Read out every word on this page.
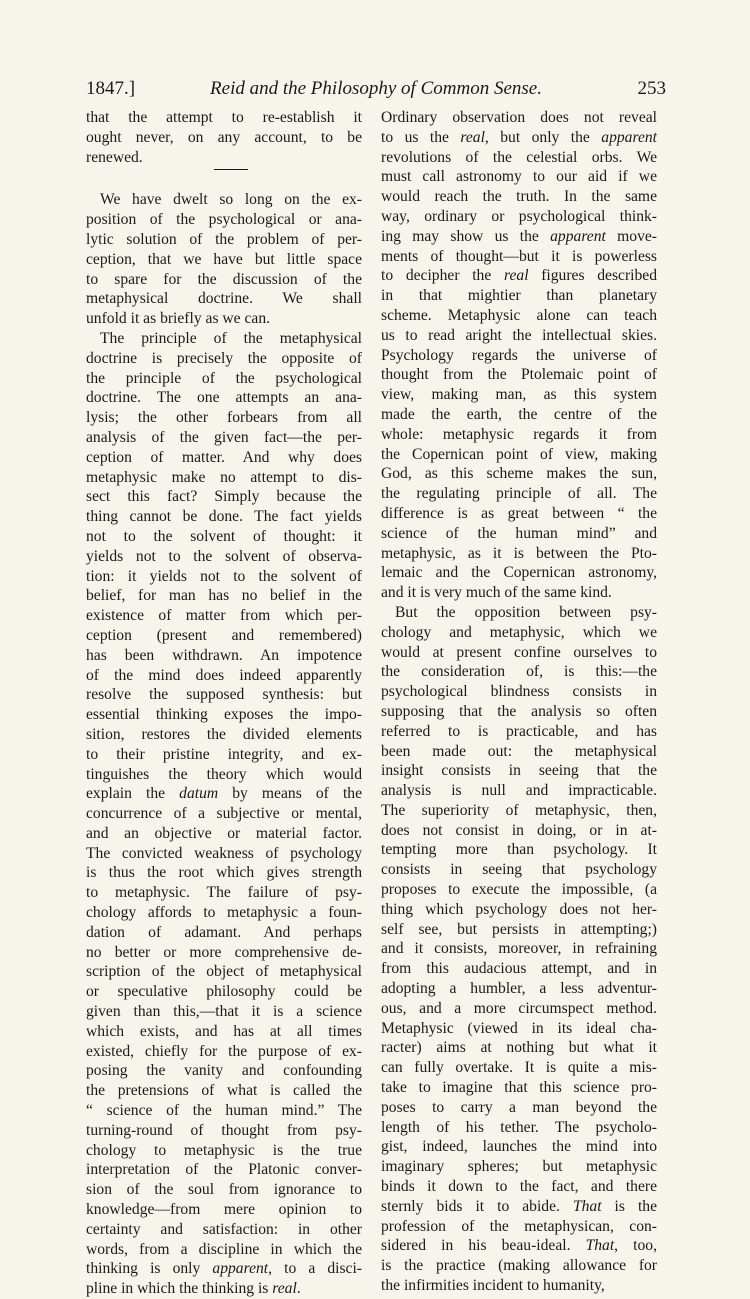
1847.]	Reid and the Philosophy of Common Sense.	253
that the attempt to re-establish it
ought never, on any account, to be
renewed.
We have dwelt so long on the ex-
position of the psychological or ana-
lytic solution of the problem of per-
ception, that we have but little space
to spare for the discussion of the
metaphysical doctrine. We shall
unfold it as briefly as we can.
The principle of the metaphysical
doctrine is precisely the opposite of
the principle of the psychological
doctrine. The one attempts an ana-
lysis; the other forbears from all
analysis of the given fact—the per-
ception of matter. And why does
metaphysic make no attempt to dis-
sect this fact? Simply because the
thing cannot be done. The fact yields
not to the solvent of thought: it
yields not to the solvent of observa-
tion: it yields not to the solvent of
belief, for man has no belief in the
existence of matter from which per-
ception (present and remembered)
has been withdrawn. An impotence
of the mind does indeed apparently
resolve the supposed synthesis: but
essential thinking exposes the impo-
sition, restores the divided elements
to their pristine integrity, and ex-
tinguishes the theory which would
explain the datum by means of the
concurrence of a subjective or mental,
and an objective or material factor.
The convicted weakness of psychology
is thus the root which gives strength
to metaphysic. The failure of psy-
chology affords to metaphysic a foun-
dation of adamant. And perhaps
no better or more comprehensive de-
scription of the object of metaphysical
or speculative philosophy could be
given than this,—that it is a science
which exists, and has at all times
existed, chiefly for the purpose of ex-
posing the vanity and confounding
the pretensions of what is called the
“ science of the human mind.” The
turning-round of thought from psy-
chology to metaphysic is the true
interpretation of the Platonic conver-
sion of the soul from ignorance to
knowledge—from mere opinion to
certainty and satisfaction: in other
words, from a discipline in which the
thinking is only apparent, to a disci-
pline in which the thinking is real.
Ordinary observation does not reveal
to us the real, but only the apparent
revolutions of the celestial orbs. We
must call astronomy to our aid if we
would reach the truth. In the same
way, ordinary or psychological think-
ing may show us the apparent move-
ments of thought—but it is powerless
to decipher the real figures described
in that mightier than planetary
scheme. Metaphysic alone can teach
us to read aright the intellectual skies.
Psychology regards the universe of
thought from the Ptolemaic point of
view, making man, as this system
made the earth, the centre of the
whole: metaphysic regards it from
the Copernican point of view, making
God, as this scheme makes the sun,
the regulating principle of all. The
difference is as great between “ the
science of the human mind” and
metaphysic, as it is between the Pto-
lemaic and the Copernican astronomy,
and it is very much of the same kind.
But the opposition between psy-
chology and metaphysic, which we
would at present confine ourselves to
the consideration of, is this:—the
psychological blindness consists in
supposing that the analysis so often
referred to is practicable, and has
been made out: the metaphysical
insight consists in seeing that the
analysis is null and impracticable.
The superiority of metaphysic, then,
does not consist in doing, or in at-
tempting more than psychology. It
consists in seeing that psychology
proposes to execute the impossible, (a
thing which psychology does not her-
self see, but persists in attempting;)
and it consists, moreover, in refraining
from this audacious attempt, and in
adopting a humbler, a less adventur-
ous, and a more circumspect method.
Metaphysic (viewed in its ideal cha-
racter) aims at nothing but what it
can fully overtake. It is quite a mis-
take to imagine that this science pro-
poses to carry a man beyond the
length of his tether. The psycholo-
gist, indeed, launches the mind into
imaginary spheres; but metaphysic
binds it down to the fact, and there
sternly bids it to abide. That is the
profession of the metaphysican, con-
sidered in his beau-ideal. That, too,
is the practice (making allowance for
the infirmities incident to humanity,
